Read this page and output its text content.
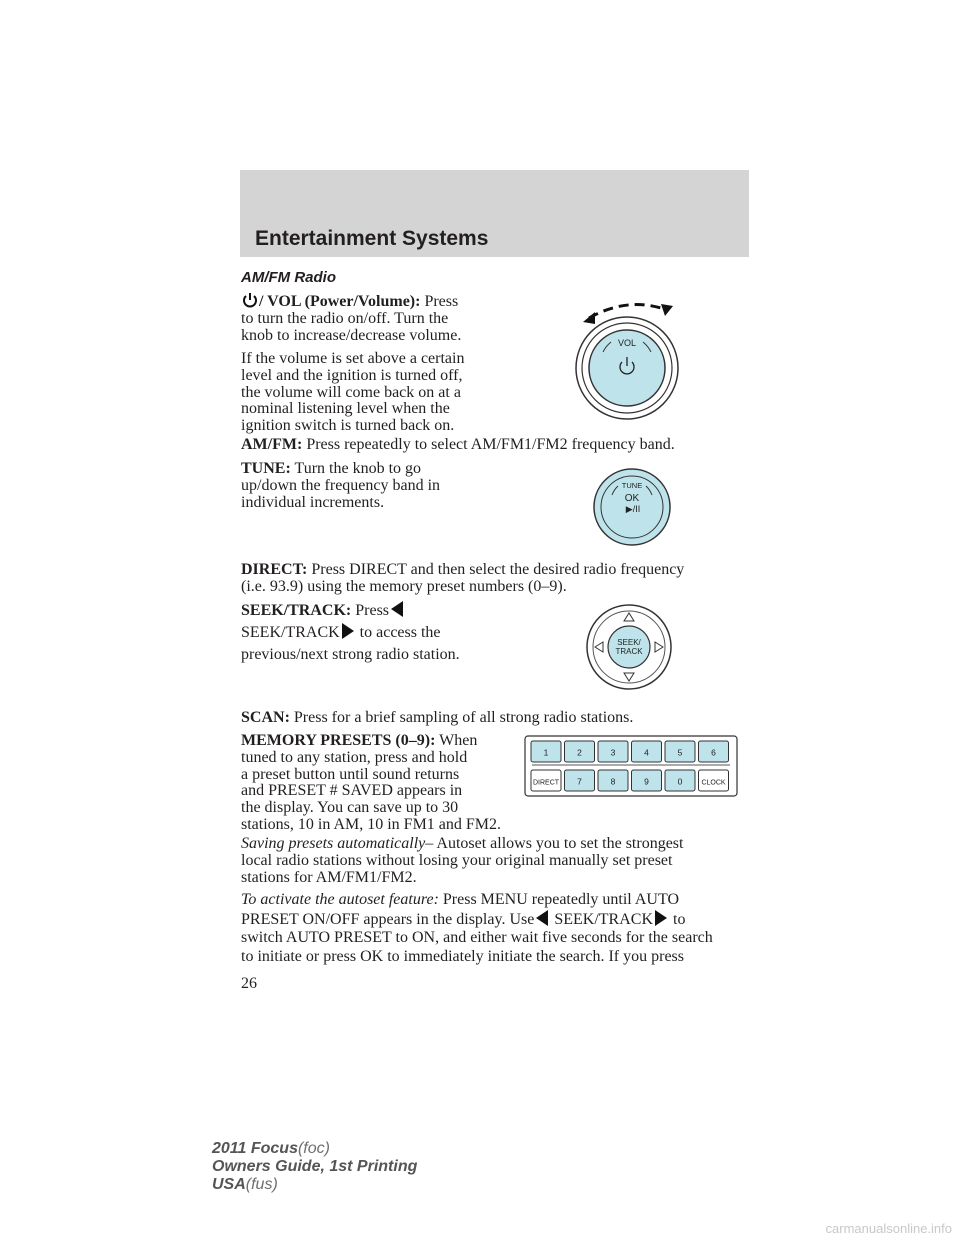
Entertainment Systems
AM/FM Radio
/ VOL (Power/Volume): Press
to turn the radio on/off. Turn the
knob to increase/decrease volume.
If the volume is set above a certain
level and the ignition is turned off,
the volume will come back on at a
nominal listening level when the
ignition switch is turned back on.
AM/FM: Press repeatedly to select AM/FM1/FM2 frequency band.
TUNE: Turn the knob to go
up/down the frequency band in
individual increments.
DIRECT: Press DIRECT and then select the desired radio frequency
(i.e. 93.9) using the memory preset numbers (0–9).
SEEK/TRACK: Press
SEEK/TRACK to access the
previous/next strong radio station.
SCAN: Press for a brief sampling of all strong radio stations.
MEMORY PRESETS (0–9): When
tuned to any station, press and hold
a preset button until sound returns
and PRESET # SAVED appears in
the display. You can save up to 30
stations, 10 in AM, 10 in FM1 and FM2.
Saving presets automatically– Autoset allows you to set the strongest
local radio stations without losing your original manually set preset
stations for AM/FM1/FM2.
To activate the autoset feature: Press MENU repeatedly until AUTO
PRESET ON/OFF appears in the display. Use SEEK/TRACK to
switch AUTO PRESET to ON, and either wait five seconds for the search
to initiate or press OK to immediately initiate the search. If you press
26
VOL
TUNE
OK
▶/II
SEEK/
TRACK
1	2	3	4	5	6
DIRECT 7	8	9	0	CLOCK
2011 Focus(foc)
Owners Guide, 1st Printing
USA(fus)
carmanualsonline.info
